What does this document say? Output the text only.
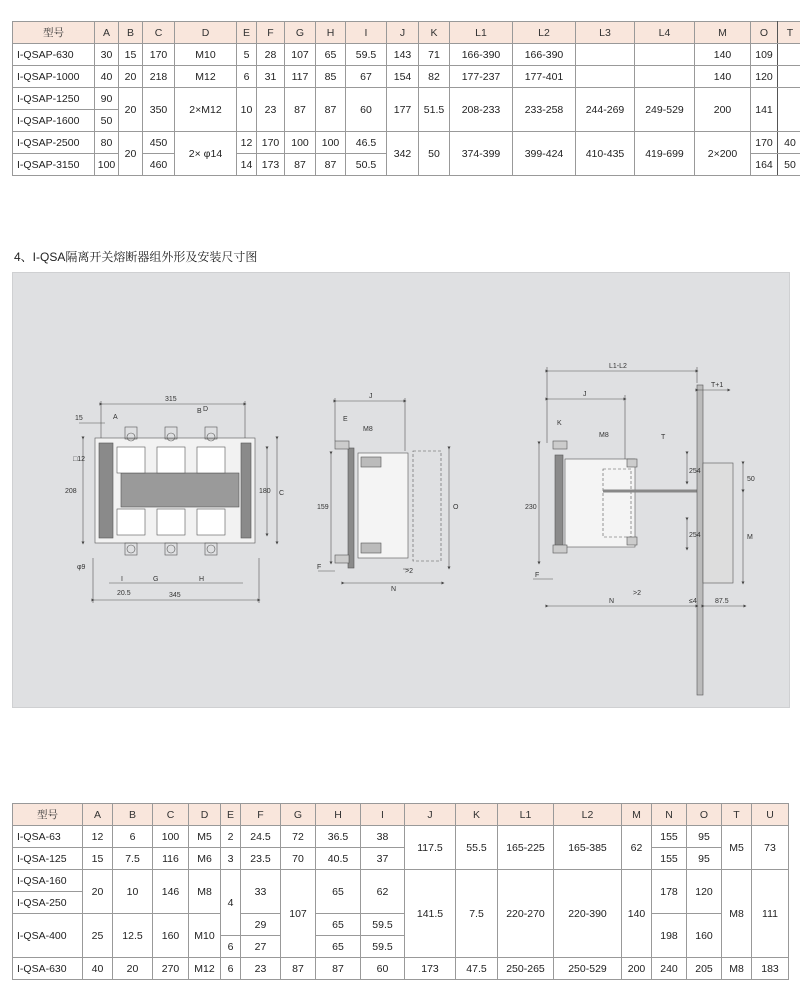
型号	A	B	C	D	E	F	G	H	I	J	K	L1	L2	L3	L4	M	O	T
I-QSAP-630	30	15	170	M10	5	28	107	65	59.5	143	71	166-390	166-390			140	109	
I-QSAP-1000	40	20	218	M12	6	31	117	85	67	154	82	177-237	177-401			140	120	
I-QSAP-1250	90	20	350	2×M12	10	23	87	87	60	177	51.5	208-233	233-258	244-269	249-529	200	141	
I-QSAP-1600	50																	
I-QSAP-2500	80	20	450	2× φ14	12	170	100	100	46.5	342	50	374-399	399-424	410-435	419-699	2×200	170	40
I-QSAP-3150	100		460		14	173	87	87	50.5								164	50
4、I-QSA隔离开关熔断器组外形及安装尺寸图
315
345
15	A
B D
208	180 C
φ9
□12
I	G	H
20.5
J
E
M8
159	O
F
>2
N
L1-L2
T+1
J
K
M8	T
254
254
50
M
230
F
>2
N	≤4	87.5
型号	A	B	C	D	E	F	G	H	I	J	K	L1	L2	M	N	O	T	U
I-QSA-63	12	6	100	M5	2	24.5	72	36.5	38	117.5	55.5	165-225	165-385	62	155	95	M5	73
I-QSA-125	15	7.5	116	M6	3	23.5	70	40.5	37						155	95		
I-QSA-160	20	10	146	M8	4	33	107	65	62	141.5	7.5	220-270	220-390	140	178	120	M8	111
I-QSA-250																		
I-QSA-400	25	12.5	160	M10		29		65	59.5						198	160		
					6	27		65	59.5									
I-QSA-630	40	20	270	M12	6	23	87	87	60	173	47.5	250-265	250-529	200	240	205	M8	183
